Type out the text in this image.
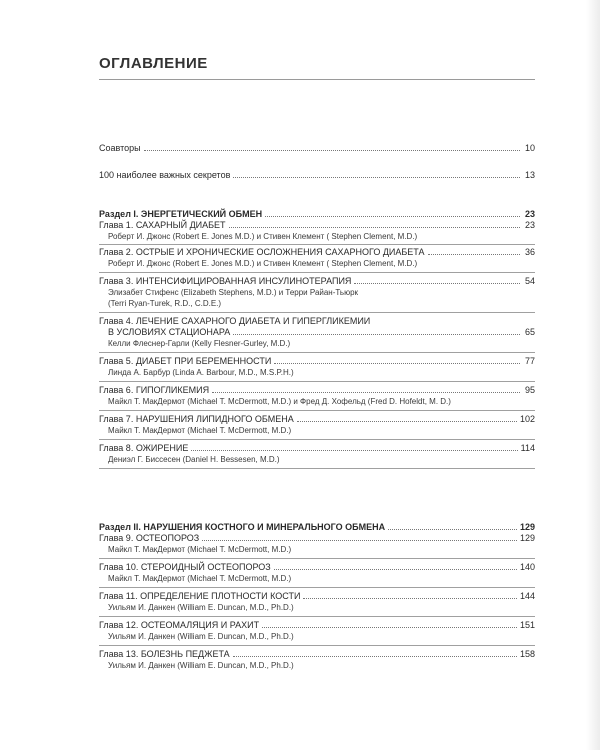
ОГЛАВЛЕНИЕ
Соавторы	10
100 наиболее важных секретов	13
Раздел I. ЭНЕРГЕТИЧЕСКИЙ ОБМЕН	23
Глава 1. САХАРНЫЙ ДИАБЕТ	23
Роберт И. Джонс (Robert E. Jones M.D.) и Стивен Клемент ( Stephen Clement, M.D.)
Глава 2. ОСТРЫЕ И ХРОНИЧЕСКИЕ ОСЛОЖНЕНИЯ САХАРНОГО ДИАБЕТА	36
Роберт И. Джонс (Robert E. Jones M.D.) и Стивен Клемент ( Stephen Clement, M.D.)
Глава 3. ИНТЕНСИФИЦИРОВАННАЯ ИНСУЛИНОТЕРАПИЯ	54
Элизабет Стифенс (Elizabeth Stephens, M.D.) и Терри Райан-Тьюрк
(Terri Ryan-Turek, R.D., C.D.E.)
Глава 4. ЛЕЧЕНИЕ САХАРНОГО ДИАБЕТА И ГИПЕРГЛИКЕМИИ
В УСЛОВИЯХ СТАЦИОНАРА	65
Келли Флеснер-Гарли (Kelly Flesner-Gurley, M.D.)
Глава 5. ДИАБЕТ ПРИ БЕРЕМЕННОСТИ	77
Линда А. Барбур (Linda A. Barbour, M.D., M.S.P.H.)
Глава 6. ГИПОГЛИКЕМИЯ	95
Майкл Т. МакДермот (Michael T. McDermott, M.D.) и Фред Д. Хофельд (Fred D. Hofeldt, M. D.)
Глава 7. НАРУШЕНИЯ ЛИПИДНОГО ОБМЕНА	102
Майкл Т. МакДермот (Michael T. McDermott, M.D.)
Глава 8. ОЖИРЕНИЕ	114
Дениэл Г. Биссесен (Daniel H. Bessesen, M.D.)
Раздел II. НАРУШЕНИЯ КОСТНОГО И МИНЕРАЛЬНОГО ОБМЕНА	129
Глава 9. ОСТЕОПОРОЗ	129
Майкл Т. МакДермот (Michael T. McDermott, M.D.)
Глава 10. СТЕРОИДНЫЙ ОСТЕОПОРОЗ	140
Майкл Т. МакДермот (Michael T. McDermott, M.D.)
Глава 11. ОПРЕДЕЛЕНИЕ ПЛОТНОСТИ КОСТИ	144
Уильям И. Данкен (William E. Duncan, M.D., Ph.D.)
Глава 12. ОСТЕОМАЛЯЦИЯ И РАХИТ	151
Уильям И. Данкен (William E. Duncan, M.D., Ph.D.)
Глава 13. БОЛЕЗНЬ ПЕДЖЕТА	158
Уильям И. Данкен (William E. Duncan, M.D., Ph.D.)
